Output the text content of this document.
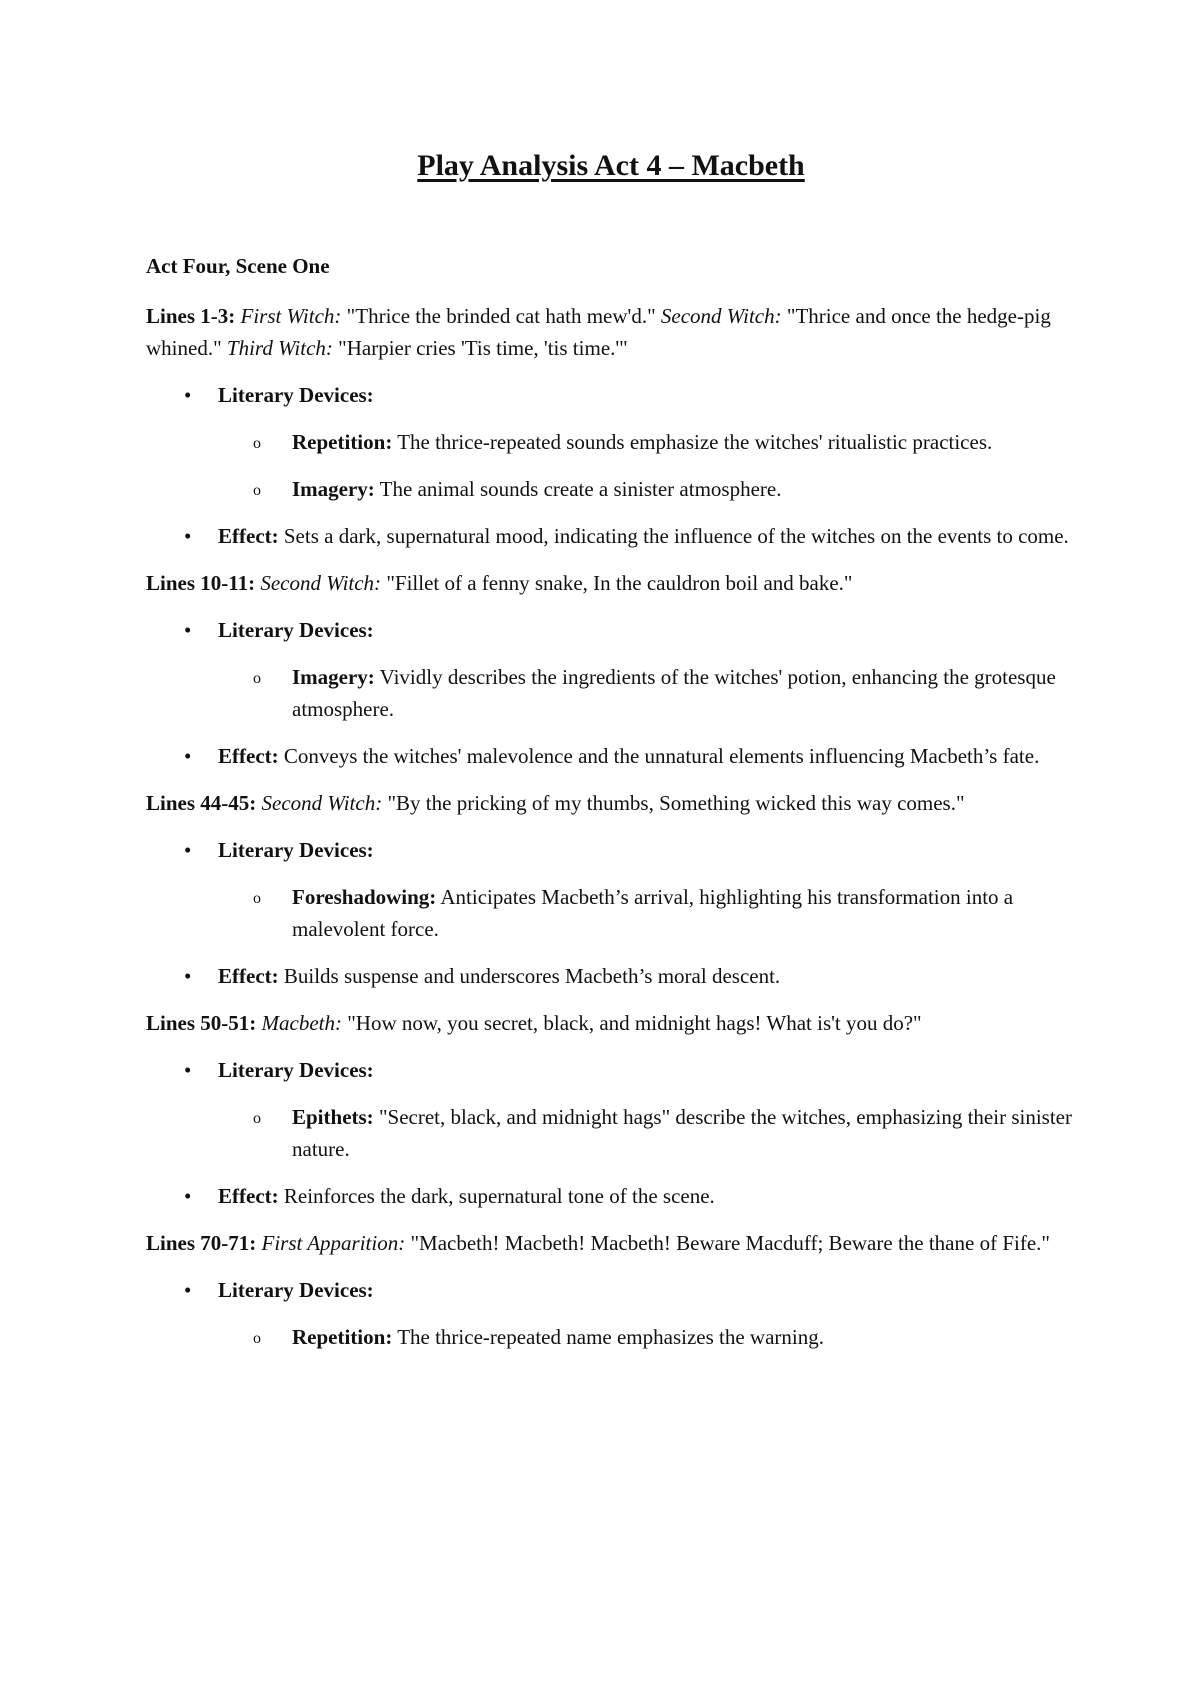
Play Analysis Act 4 – Macbeth
Act Four, Scene One

Lines 1-3: First Witch: "Thrice the brinded cat hath mew'd." Second Witch: "Thrice and once the hedge-pig whined." Third Witch: "Harpier cries 'Tis time, 'tis time.'"

• Literary Devices:
o Repetition: The thrice-repeated sounds emphasize the witches' ritualistic practices.
o Imagery: The animal sounds create a sinister atmosphere.
• Effect: Sets a dark, supernatural mood, indicating the influence of the witches on the events to come.

Lines 10-11: Second Witch: "Fillet of a fenny snake, In the cauldron boil and bake."

• Literary Devices:
o Imagery: Vividly describes the ingredients of the witches' potion, enhancing the grotesque atmosphere.
• Effect: Conveys the witches' malevolence and the unnatural elements influencing Macbeth’s fate.

Lines 44-45: Second Witch: "By the pricking of my thumbs, Something wicked this way comes."

• Literary Devices:
o Foreshadowing: Anticipates Macbeth’s arrival, highlighting his transformation into a malevolent force.
• Effect: Builds suspense and underscores Macbeth’s moral descent.

Lines 50-51: Macbeth: "How now, you secret, black, and midnight hags! What is't you do?"

• Literary Devices:
o Epithets: "Secret, black, and midnight hags" describe the witches, emphasizing their sinister nature.
• Effect: Reinforces the dark, supernatural tone of the scene.

Lines 70-71: First Apparition: "Macbeth! Macbeth! Macbeth! Beware Macduff; Beware the thane of Fife."

• Literary Devices:
o Repetition: The thrice-repeated name emphasizes the warning.
